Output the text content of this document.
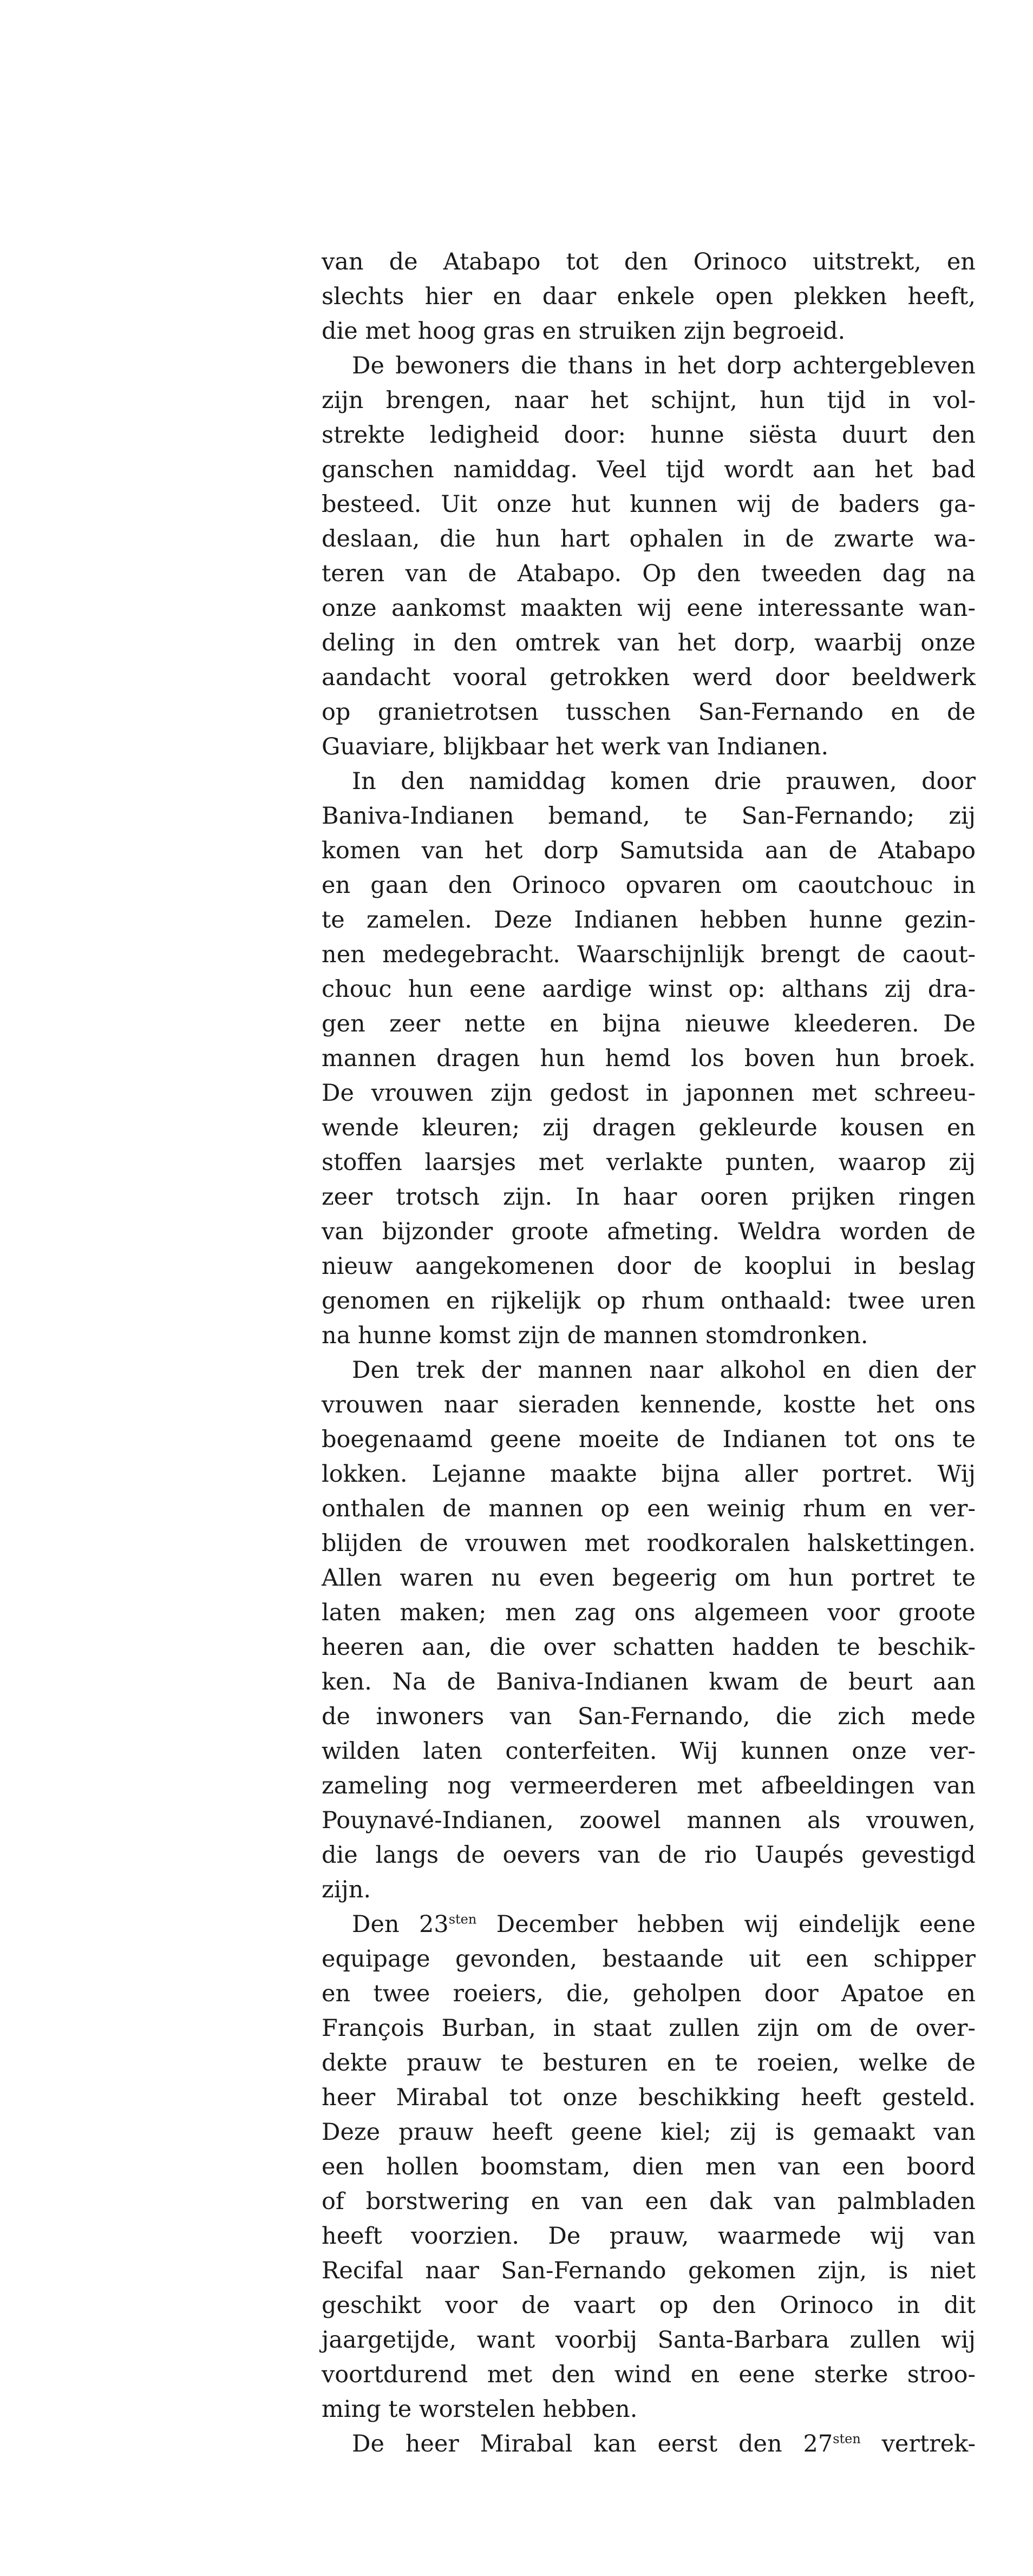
van de Atabapo tot den Orinoco uitstrekt, en
slechts hier en daar enkele open plekken heeft,
die met hoog gras en struiken zijn begroeid.
De bewoners die thans in het dorp achtergebleven
zijn brengen, naar het schijnt, hun tijd in vol-
strekte ledigheid door: hunne siësta duurt den
ganschen namiddag. Veel tijd wordt aan het bad
besteed. Uit onze hut kunnen wij de baders ga-
deslaan, die hun hart ophalen in de zwarte wa-
teren van de Atabapo. Op den tweeden dag na
onze aankomst maakten wij eene interessante wan-
deling in den omtrek van het dorp, waarbij onze
aandacht vooral getrokken werd door beeldwerk
op granietrotsen tusschen San-Fernando en de
Guaviare, blijkbaar het werk van Indianen.
In den namiddag komen drie prauwen, door
Baniva-Indianen bemand, te San-Fernando; zij
komen van het dorp Samutsida aan de Atabapo
en gaan den Orinoco opvaren om caoutchouc in
te zamelen. Deze Indianen hebben hunne gezin-
nen medegebracht. Waarschijnlijk brengt de caout-
chouc hun eene aardige winst op: althans zij dra-
gen zeer nette en bijna nieuwe kleederen. De
mannen dragen hun hemd los boven hun broek.
De vrouwen zijn gedost in japonnen met schreeu-
wende kleuren; zij dragen gekleurde kousen en
stoffen laarsjes met verlakte punten, waarop zij
zeer trotsch zijn. In haar ooren prijken ringen
van bijzonder groote afmeting. Weldra worden de
nieuw aangekomenen door de kooplui in beslag
genomen en rijkelijk op rhum onthaald: twee uren
na hunne komst zijn de mannen stomdronken.
Den trek der mannen naar alkohol en dien der
vrouwen naar sieraden kennende, kostte het ons
boegenaamd geene moeite de Indianen tot ons te
lokken. Lejanne maakte bijna aller portret. Wij
onthalen de mannen op een weinig rhum en ver-
blijden de vrouwen met roodkoralen halskettingen.
Allen waren nu even begeerig om hun portret te
laten maken; men zag ons algemeen voor groote
heeren aan, die over schatten hadden te beschik-
ken. Na de Baniva-Indianen kwam de beurt aan
de inwoners van San-Fernando, die zich mede
wilden laten conterfeiten. Wij kunnen onze ver-
zameling nog vermeerderen met afbeeldingen van
Pouynavé-Indianen, zoowel mannen als vrouwen,
die langs de oevers van de rio Uaupés gevestigd
zijn.
Den $23^{sten}$ December hebben wij eindelijk eene
equipage gevonden, bestaande uit een schipper
en twee roeiers, die, geholpen door Apatoe en
François Burban, in staat zullen zijn om de over-
dekte prauw te besturen en te roeien, welke de
heer Mirabal tot onze beschikking heeft gesteld.
Deze prauw heeft geene kiel; zij is gemaakt van
een hollen boomstam, dien men van een boord
of borstwering en van een dak van palmbladen
heeft voorzien. De prauw, waarmede wij van
Recifal naar San-Fernando gekomen zijn, is niet
geschikt voor de vaart op den Orinoco in dit
jaargetijde, want voorbij Santa-Barbara zullen wij
voortdurend met den wind en eene sterke stroo-
ming te worstelen hebben.
De heer Mirabal kan eerst den $27^{sten}$ vertrek-
